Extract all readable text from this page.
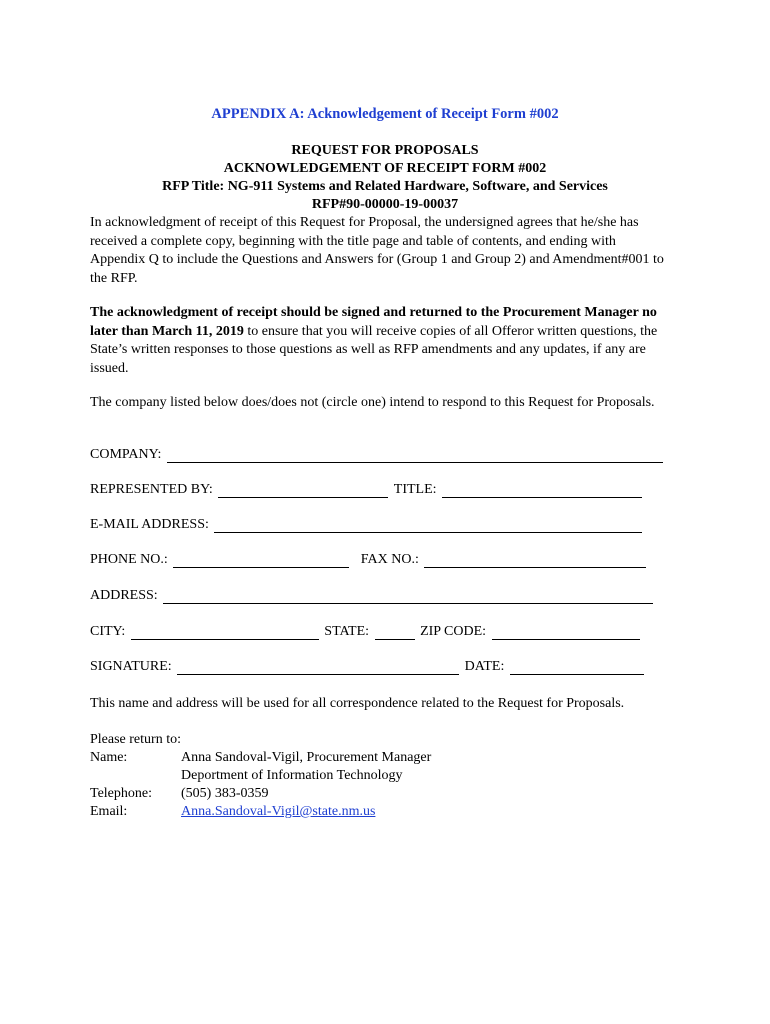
APPENDIX A: Acknowledgement of Receipt Form #002
REQUEST FOR PROPOSALS
ACKNOWLEDGEMENT OF RECEIPT FORM #002
RFP Title: NG-911 Systems and Related Hardware, Software, and Services
RFP#90-00000-19-00037
In acknowledgment of receipt of this Request for Proposal, the undersigned agrees that he/she has received a complete copy, beginning with the title page and table of contents, and ending with Appendix Q to include the Questions and Answers for (Group 1 and Group 2) and Amendment#001 to the RFP.
The acknowledgment of receipt should be signed and returned to the Procurement Manager no later than March 11, 2019 to ensure that you will receive copies of all Offeror written questions, the State’s written responses to those questions as well as RFP amendments and any updates, if any are issued.
The company listed below does/does not (circle one) intend to respond to this Request for Proposals.
COMPANY:
REPRESENTED BY:	TITLE:
E-MAIL ADDRESS:
PHONE NO.:	FAX NO.:
ADDRESS:
CITY:	STATE:	ZIP CODE:
SIGNATURE:	DATE:
This name and address will be used for all correspondence related to the Request for Proposals.
Please return to:
Name:	Anna Sandoval-Vigil, Procurement Manager
Deportment of Information Technology
Telephone: (505) 383-0359
Email:	Anna.Sandoval-Vigil@state.nm.us
